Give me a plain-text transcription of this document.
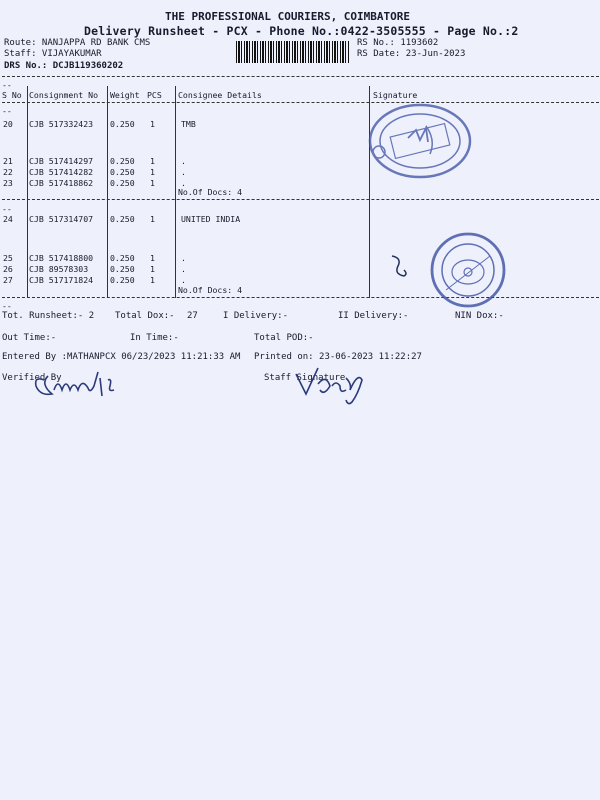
THE PROFESSIONAL COURIERS, COIMBATORE
Delivery Runsheet - PCX - Phone No.:0422-3505555 - Page No.:2
Route: NANJAPPA RD BANK CMS
Staff: VIJAYAKUMAR
DRS No.: DCJB119360202
RS No.: 1193602
RS Date: 23-Jun-2023
--
S No Consignment No Weight PCS Consignee Details	Signature
--
20 CJB 517332423 0.250 1	TMB
21 CJB 517414297 0.250 1	.
22 CJB 517414282 0.250 1	.
23 CJB 517418862 0.250 1	.
No.Of Docs: 4
--
24 CJB 517314707 0.250 1	UNITED INDIA
25 CJB 517418800 0.250 1	.
26 CJB 89578303	0.250 1	.
27 CJB 517171824 0.250 1	.
No.Of Docs: 4
--
Tot. Runsheet:- 2 Total Dox:- 27	I Delivery:-	II Delivery:-	NIN Dox:-
Out Time:-	In Time:-	Total POD:-
Entered By :MATHANPCX 06/23/2023 11:21:33 AM Printed on: 23-06-2023 11:22:27
Verified By	Staff Signature
